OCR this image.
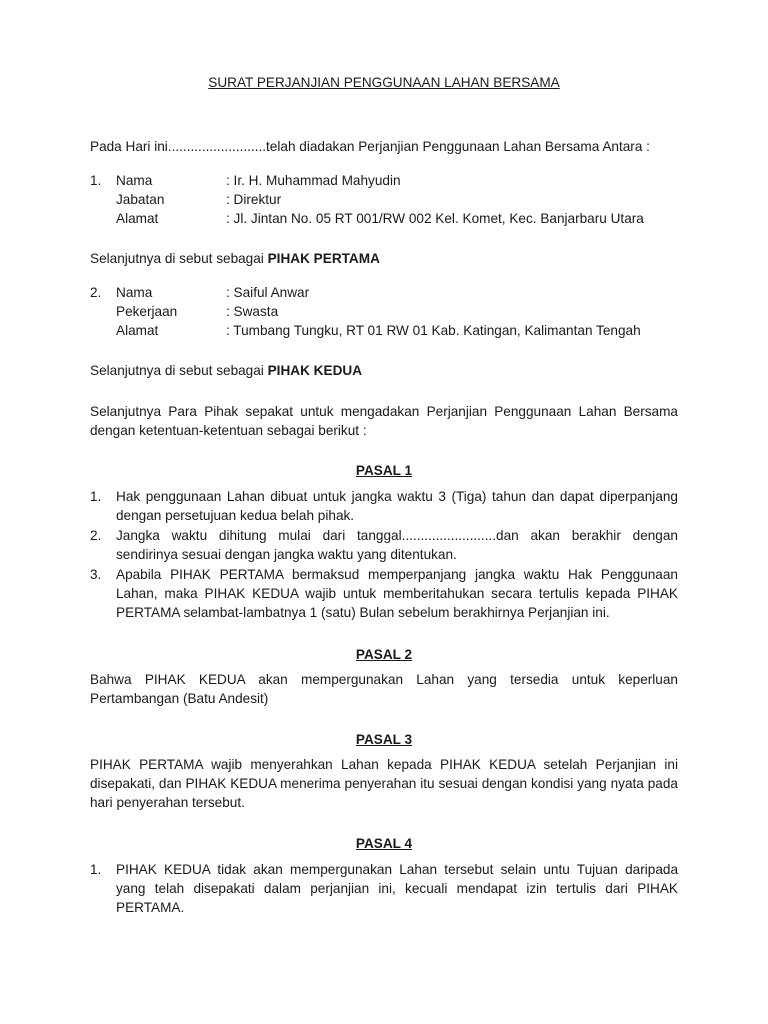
SURAT PERJANJIAN PENGGUNAAN LAHAN BERSAMA
Pada Hari ini..........................telah diadakan Perjanjian Penggunaan Lahan Bersama Antara :
1.	Nama	: Ir. H. Muhammad Mahyudin
Jabatan	: Direktur
Alamat	: Jl. Jintan No. 05 RT 001/RW 002 Kel. Komet, Kec. Banjarbaru Utara
Selanjutnya di sebut sebagai PIHAK PERTAMA
2.	Nama	: Saiful Anwar
Pekerjaan	: Swasta
Alamat	: Tumbang Tungku, RT 01 RW 01 Kab. Katingan, Kalimantan Tengah
Selanjutnya di sebut sebagai PIHAK KEDUA
Selanjutnya Para Pihak sepakat untuk mengadakan Perjanjian Penggunaan Lahan Bersama
dengan ketentuan-ketentuan sebagai berikut :
PASAL 1
1.	Hak penggunaan Lahan dibuat untuk jangka waktu 3 (Tiga) tahun dan dapat diperpanjang
dengan persetujuan kedua belah pihak.
2.	Jangka waktu dihitung mulai dari tanggal.........................dan akan berakhir dengan
sendirinya sesuai dengan jangka waktu yang ditentukan.
3.	Apabila PIHAK PERTAMA bermaksud memperpanjang jangka waktu Hak Penggunaan
Lahan, maka PIHAK KEDUA wajib untuk memberitahukan secara tertulis kepada PIHAK
PERTAMA selambat-lambatnya 1 (satu) Bulan sebelum berakhirnya Perjanjian ini.
PASAL 2
Bahwa PIHAK KEDUA akan mempergunakan Lahan yang tersedia untuk keperluan
Pertambangan (Batu Andesit)
PASAL 3
PIHAK PERTAMA wajib menyerahkan Lahan kepada PIHAK KEDUA setelah Perjanjian ini
disepakati, dan PIHAK KEDUA menerima penyerahan itu sesuai dengan kondisi yang nyata pada
hari penyerahan tersebut.
PASAL 4
1.	PIHAK KEDUA tidak akan mempergunakan Lahan tersebut selain untu Tujuan daripada
yang telah disepakati dalam perjanjian ini, kecuali mendapat izin tertulis dari PIHAK
PERTAMA.
